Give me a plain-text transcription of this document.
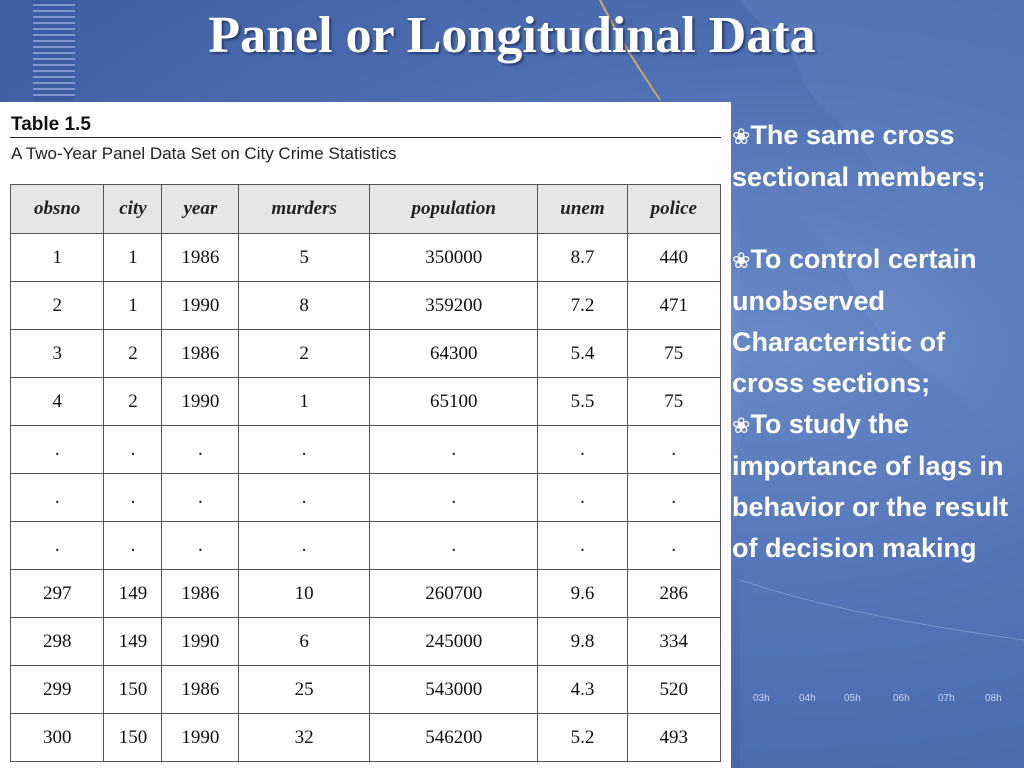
Panel or Longitudinal Data
Table 1.5
A Two-Year Panel Data Set on City Crime Statistics
obsno	city	year	murders	population	unem	police
1	1	1986	5	350000	8.7	440
2	1	1990	8	359200	7.2	471
3	2	1986	2	64300	5.4	75
4	2	1990	1	65100	5.5	75
.	.	.	.	.	.	.
.	.	.	.	.	.	.
.	.	.	.	.	.	.
297	149	1986	10	260700	9.6	286
298	149	1990	6	245000	9.8	334
299	150	1986	25	543000	4.3	520
300	150	1990	32	546200	5.2	493
❀The same cross sectional members;
❀To control certain unobserved Characteristic of cross sections;
❀To study the importance of lags in behavior or the result of decision making
03h	04h	05h	06h	07h	08h
